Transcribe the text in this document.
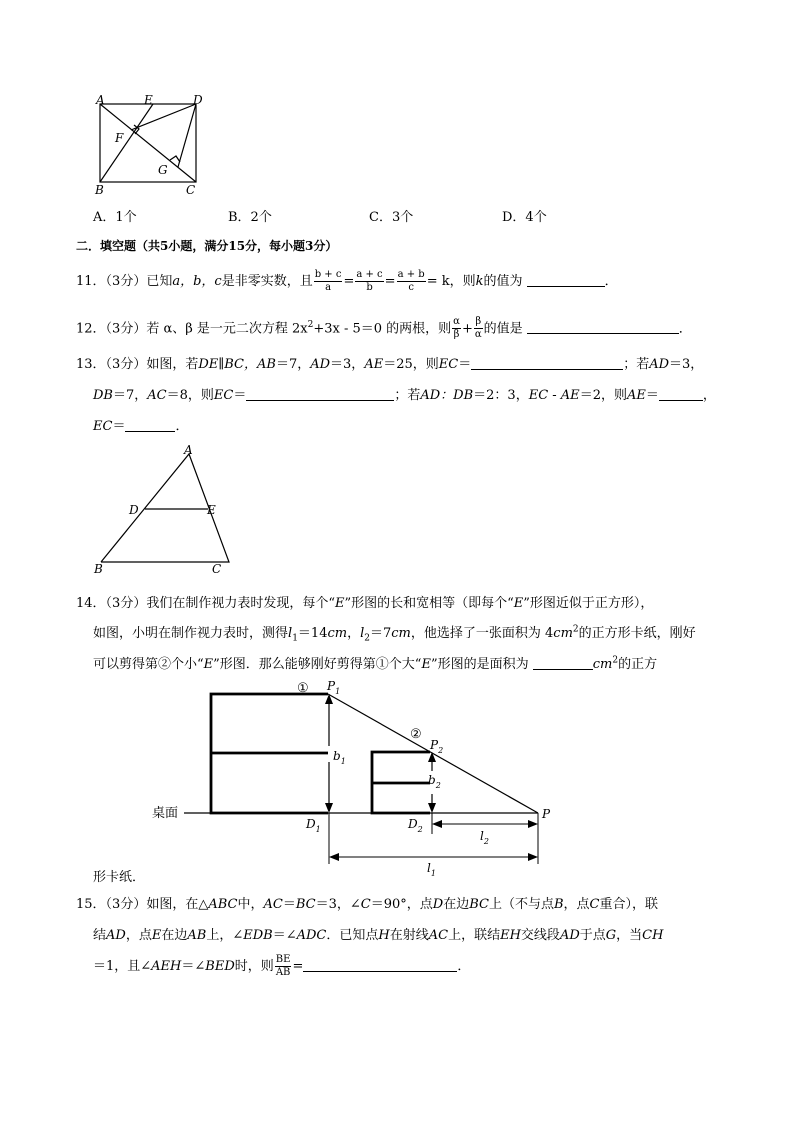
A	E	D
F
G
B	C
A．1个	B．2个	C．3个	D．4个
二．填空题（共5小题，满分15分，每小题3分）
11．（3分）已知a，b，c是非零实数，且 $\frac{b + c}{a} = \frac{a + c}{b} = \frac{a + b}{c} = k$，则k的值为	．
12．（3分）若 α、β 是一元二次方程 $2x^2+3x - 5=0$ 的两根，则 $\frac{\alpha}{\beta} + \frac{\beta}{\alpha}$ 的值是	．
13．（3分）如图，若DE∥BC，AB＝7，AD＝3，AE＝25，则EC＝	；若AD＝3，
DB＝7，AC＝8，则EC＝	；若AD：DB＝2：3，EC - AE＝2，则AE＝	，
EC＝	．
A
D	E
B	C
14．（3分）我们在制作视力表时发现，每个“E”形图的长和宽相等（即每个“E”形图近似于正方形），
如图，小明在制作视力表时，测得$l_1=14cm$，$l_2=7cm$，他选择了一张面积为 $4cm^2$的正方形卡纸，刚好
可以剪得第②个小“E”形图．那么能够刚好剪得第①个大“E”形图的是面积为	$cm^2$的正方
① $P_1$
②
$P_2$
$b_1$
$b_2$
桌面
$D_1$	$D_2$
P
$l_2$
$l_1$
形卡纸．
15．（3分）如图，在△ABC中，AC＝BC＝3，∠C＝90°，点D在边BC上（不与点B，点C重合），联
结AD，点E在边AB上，∠EDB＝∠ADC．已知点H在射线AC上，联结EH交线段AD于点G，当CH
＝1，且∠AEH＝∠BED时，则 $\frac{BE}{AB}$ =	．
